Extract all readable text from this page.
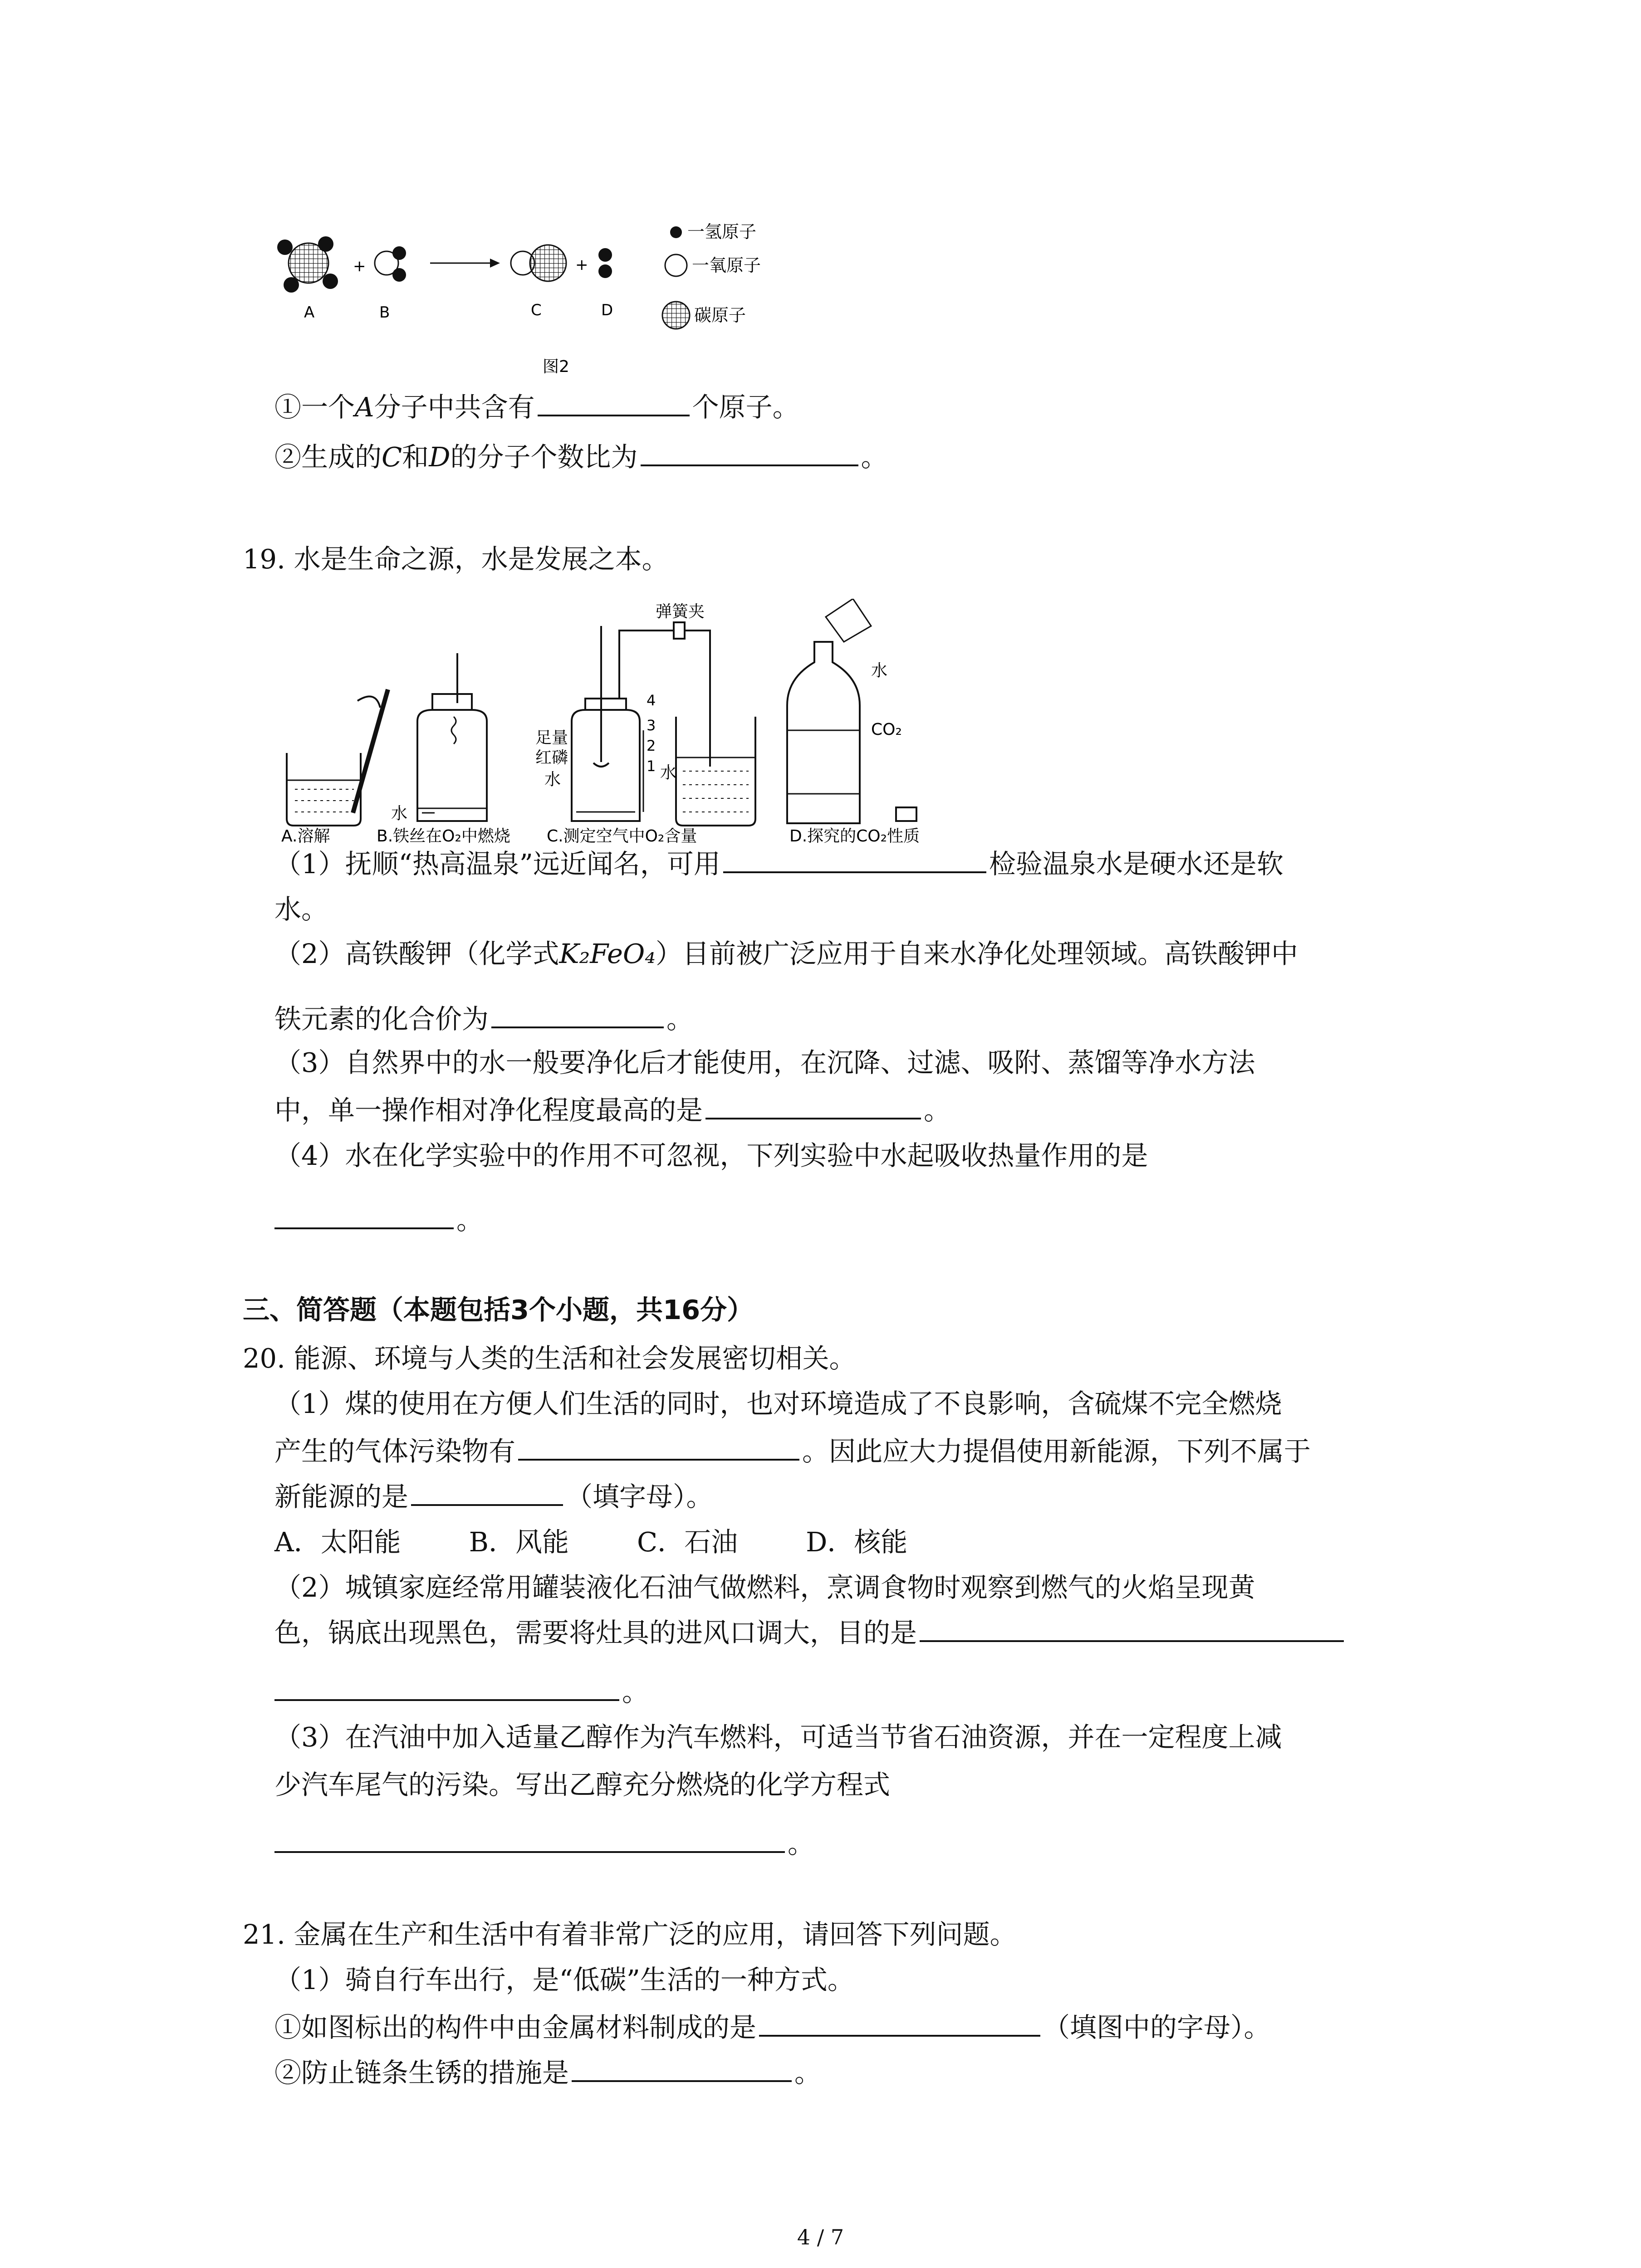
+	+
A	B	C	D
一氢原子
一氧原子
碳原子
图2
①一个A分子中共含有	个原子。
②生成的C和D的分子个数比为	。
19. 水是生命之源，水是发展之本。
弹簧夹
水
足量
红磷
水	水
4
3
2
1
水
CO₂
A.溶解	B.铁丝在O₂中燃烧 C.测定空气中O₂含量	D.探究的CO₂性质
（1）抚顺“热高温泉”远近闻名，可用	检验温泉水是硬水还是软
水。
（2）高铁酸钾（化学式K₂FeO₄）目前被广泛应用于自来水净化处理领域。高铁酸钾中
铁元素的化合价为	。
（3）自然界中的水一般要净化后才能使用，在沉降、过滤、吸附、蒸馏等净水方法
中，单一操作相对净化程度最高的是	。
（4）水在化学实验中的作用不可忽视，下列实验中水起吸收热量作用的是
。
三、简答题（本题包括3个小题，共16分）
20. 能源、环境与人类的生活和社会发展密切相关。
（1）煤的使用在方便人们生活的同时，也对环境造成了不良影响，含硫煤不完全燃烧
产生的气体污染物有	。因此应大力提倡使用新能源，下列不属于
新能源的是	（填字母）。
A．太阳能	B．风能	C．石油	D．核能
（2）城镇家庭经常用罐装液化石油气做燃料，烹调食物时观察到燃气的火焰呈现黄
色，锅底出现黑色，需要将灶具的进风口调大，目的是
。
（3）在汽油中加入适量乙醇作为汽车燃料，可适当节省石油资源，并在一定程度上减
少汽车尾气的污染。写出乙醇充分燃烧的化学方程式
。
21. 金属在生产和生活中有着非常广泛的应用，请回答下列问题。
（1）骑自行车出行，是“低碳”生活的一种方式。
①如图标出的构件中由金属材料制成的是	（填图中的字母）。
②防止链条生锈的措施是	。
4 / 7
